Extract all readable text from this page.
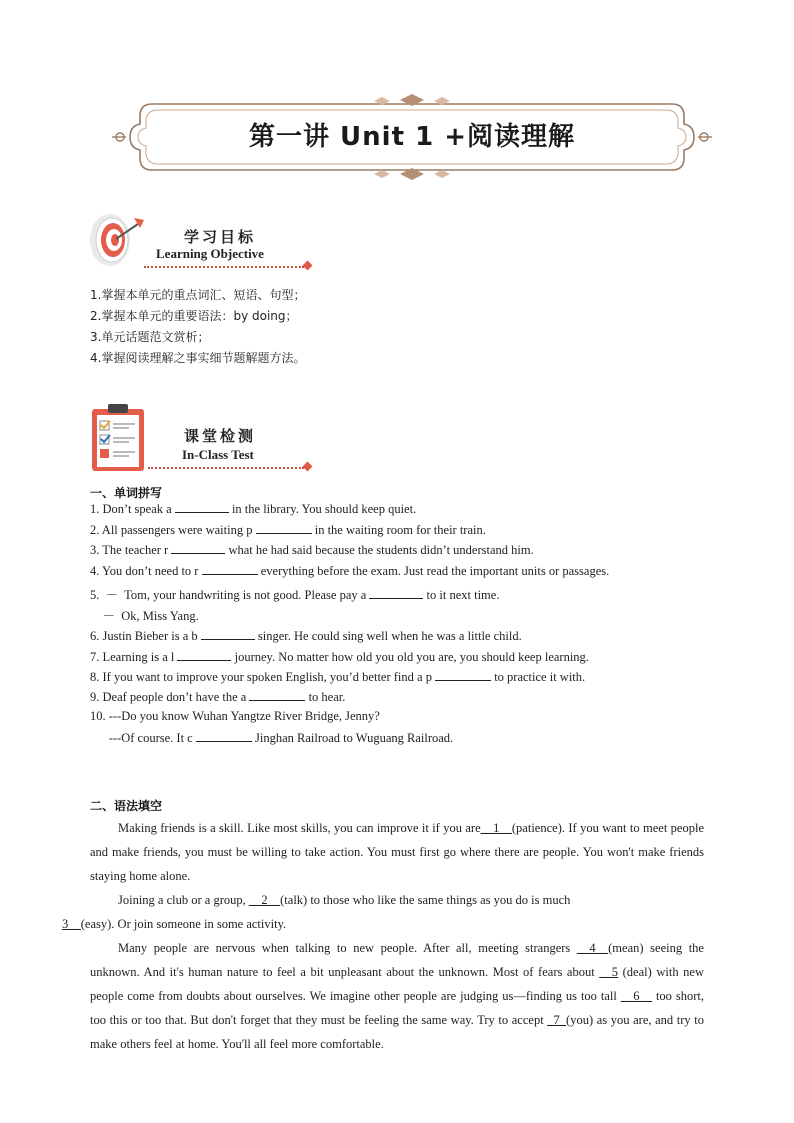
第一讲 Unit 1 +阅读理解
学习目标
Learning Objective
1.掌握本单元的重点词汇、短语、句型；
2.掌握本单元的重要语法：by doing；
3.单元话题范文赏析；
4.掌握阅读理解之事实细节题解题方法。
课堂检测
In-Class Test
一、单词拼写
1. Don’t speak a	in the library. You should keep quiet.
2. All passengers were waiting p	in the waiting room for their train.
3. The teacher r	what he had said because the students didn’t understand him.
4. You don’t need to r	everything before the exam. Just read the important units or passages.
5.  －  Tom, your handwriting is not good. Please pay a	to it next time.
－  Ok, Miss Yang.
6. Justin Bieber is a b	singer. He could sing well when he was a little child.
7. Learning is a l	journey. No matter how old you old you are, you should keep learning.
8. If you want to improve your spoken English, you’d better find a p	to practice it with.
9. Deaf people don’t have the a	to hear.
10. ---Do you know Wuhan Yangtze River Bridge, Jenny?
---Of course. It c	Jinghan Railroad to Wuguang Railroad.
二、语法填空

Making friends is a skill. Like most skills, you can improve it if you are__1__(patience). If you want to meet people and make friends, you must be willing to take action. You must first go where there are people. You won't make friends staying home alone.

Joining a club or a group, __2__(talk) to those who like the same things as you do is much
3__(easy). Or join someone in some activity.

Many people are nervous when talking to new people. After all, meeting strangers __4__(mean) seeing the unknown. And it's human nature to feel a bit unpleasant about the unknown. Most of fears about __5 (deal) with new people come from doubts about ourselves. We imagine other people are judging us—finding us too tall __6__ too short, too this or too that. But don't forget that they must be feeling the same way. Try to accept _7_(you) as you are, and try to make others feel at home. You'll all feel more comfortable.
